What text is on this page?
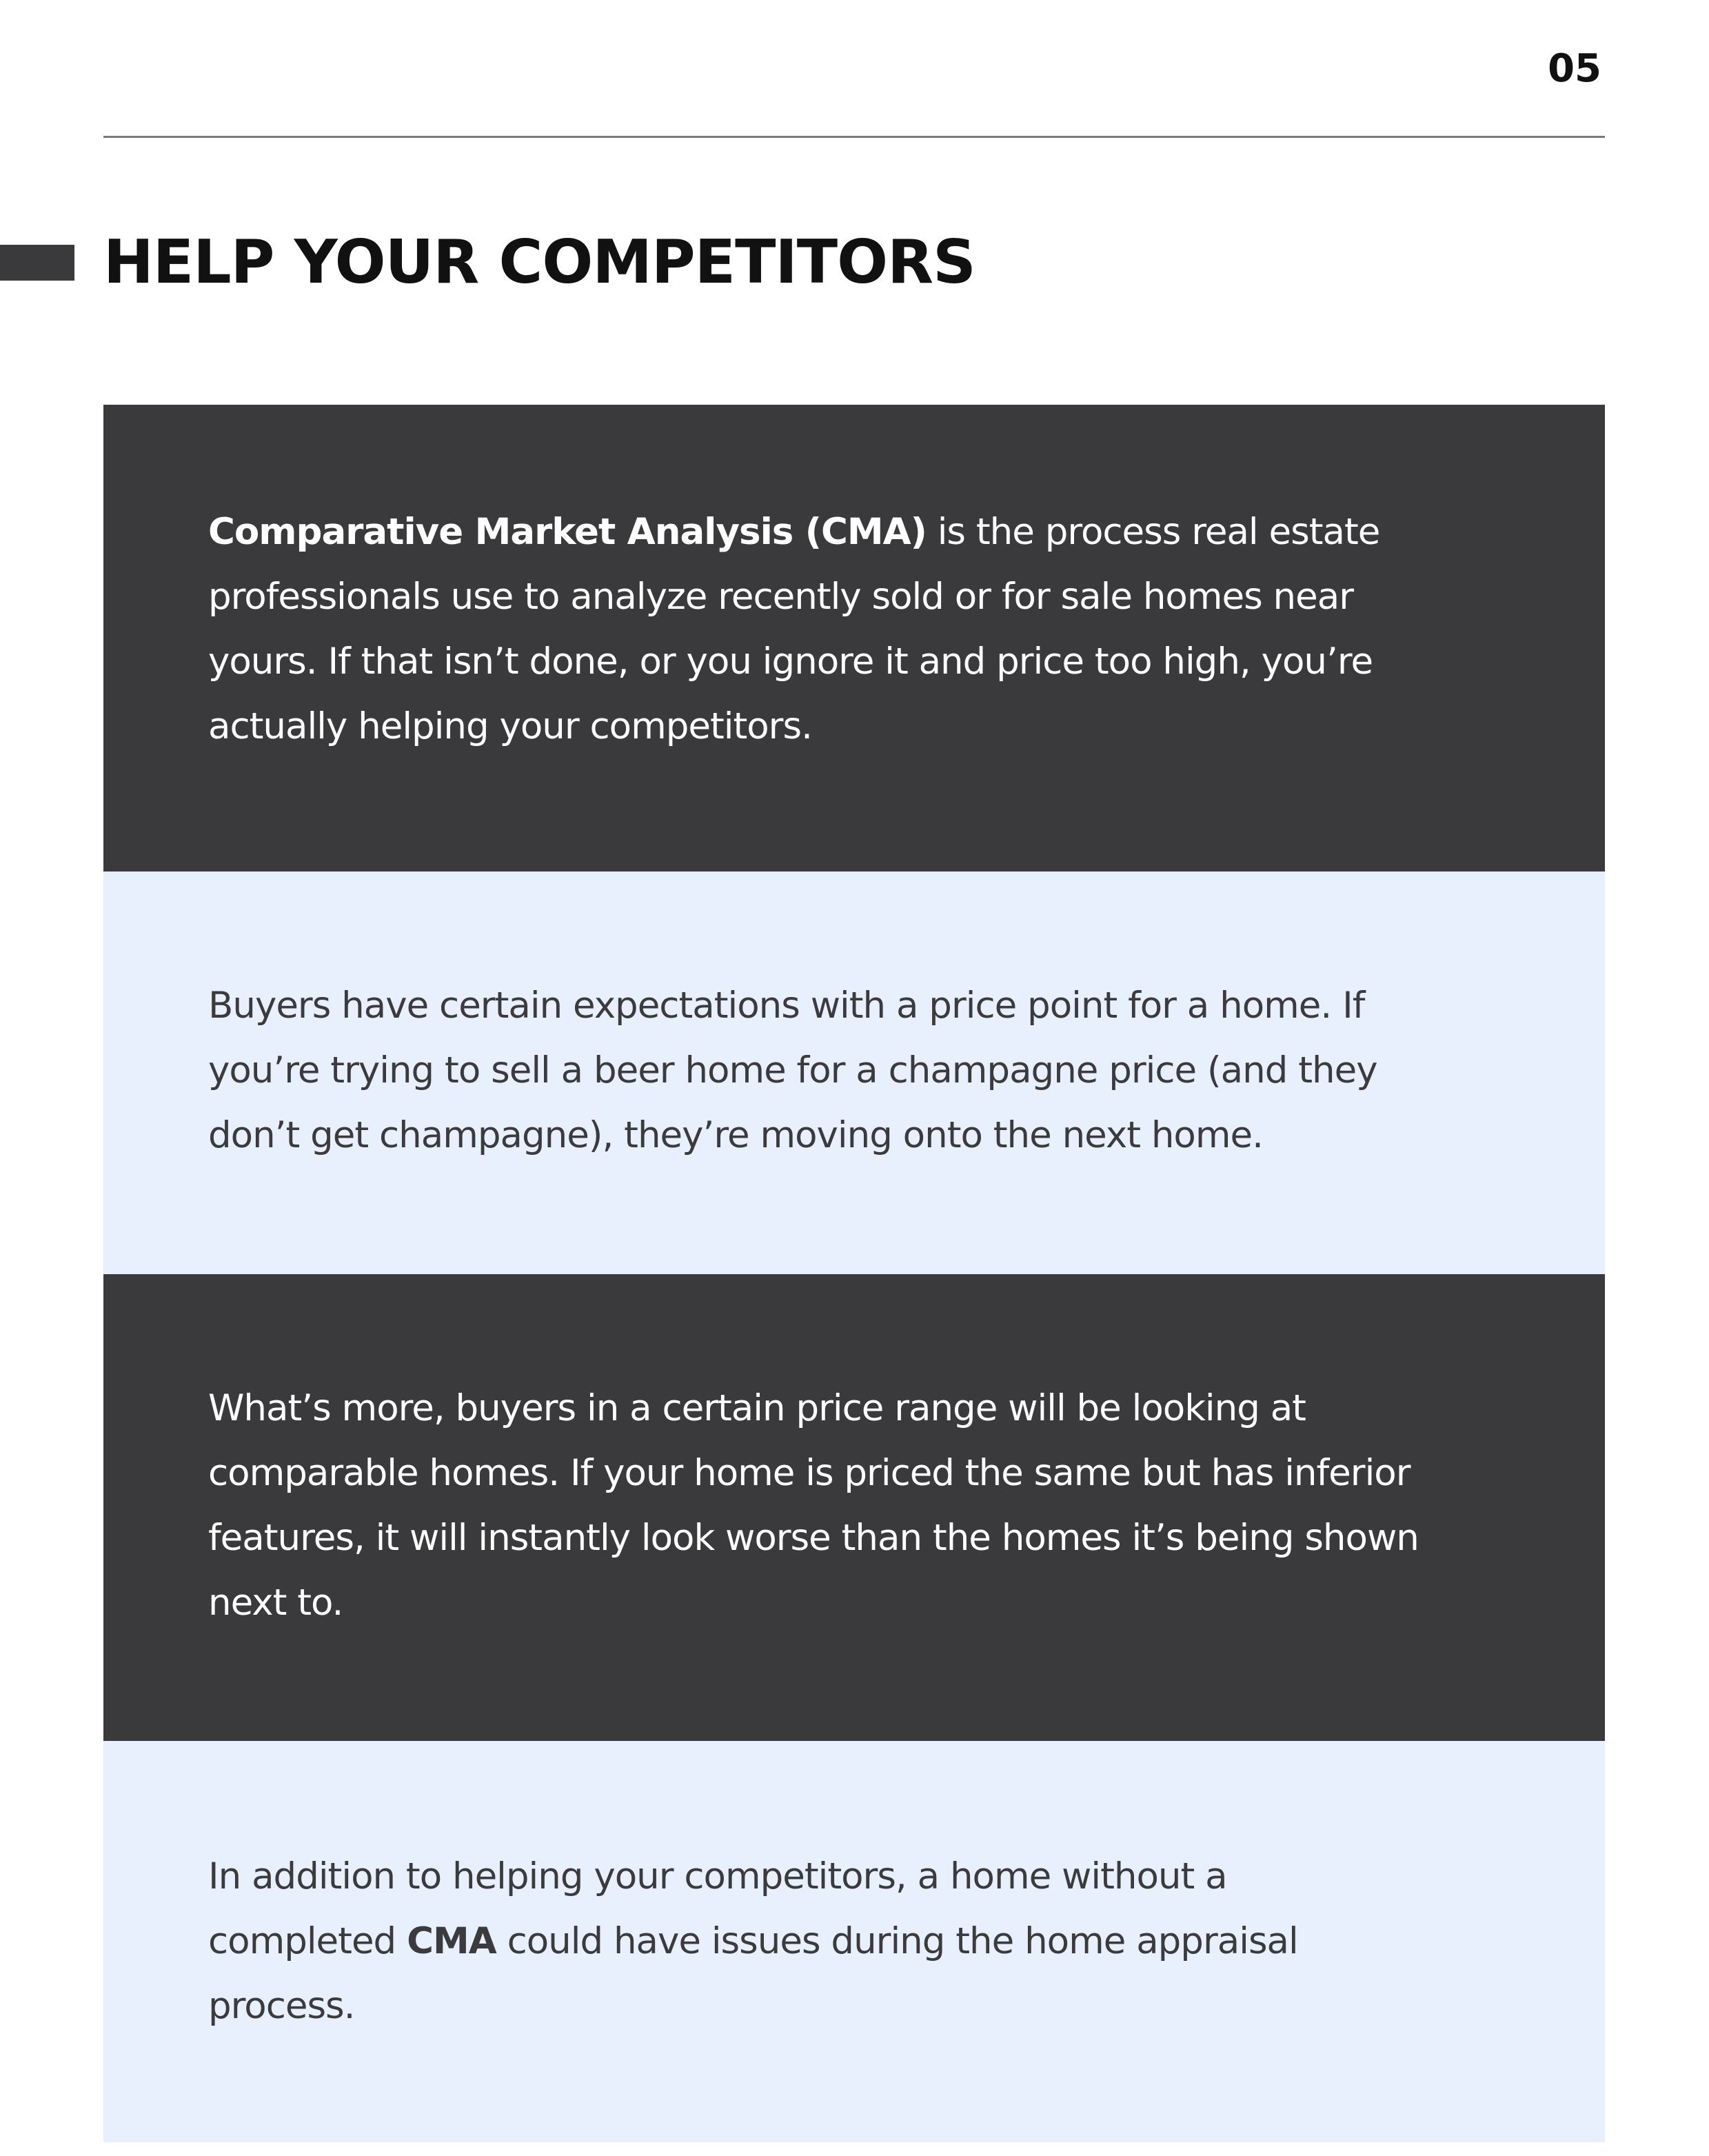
05
HELP YOUR COMPETITORS

Comparative Market Analysis (CMA) is the process real estate

professionals use to analyze recently sold or for sale homes near

yours. If that isn’t done, or you ignore it and price too high, you’re

actually helping your competitors.

Buyers have certain expectations with a price point for a home. If

you’re trying to sell a beer home for a champagne price (and they

don’t get champagne), they’re moving onto the next home.

What’s more, buyers in a certain price range will be looking at

comparable homes. If your home is priced the same but has inferior

features, it will instantly look worse than the homes it’s being shown

next to.

In addition to helping your competitors, a home without a

completed CMA could have issues during the home appraisal

process.
